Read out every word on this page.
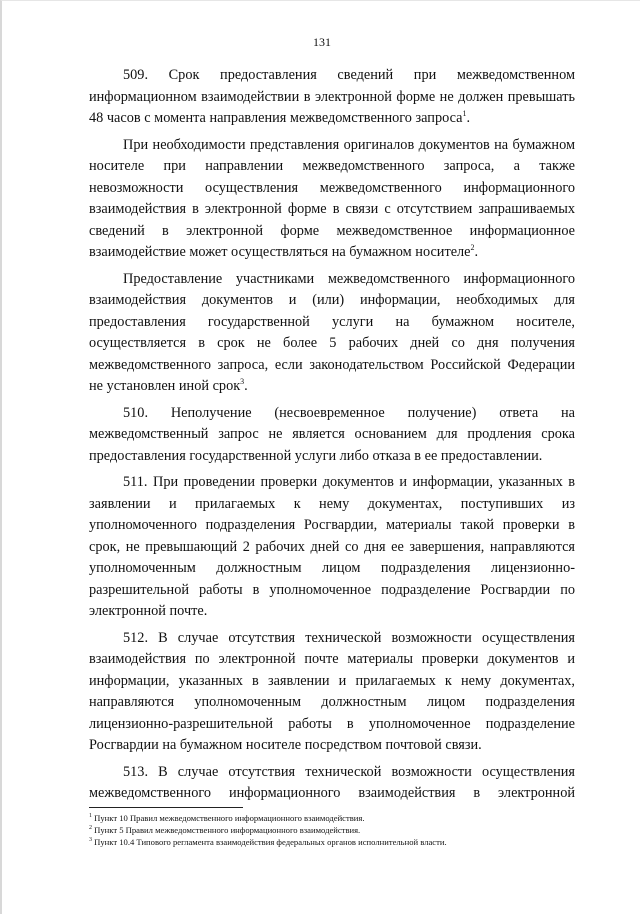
131

509. Срок предоставления сведений при межведомственном информационном взаимодействии в электронной форме не должен превышать 48 часов с момента направления межведомственного запроса$^1$.

При необходимости представления оригиналов документов на бумажном носителе при направлении межведомственного запроса, а также невозможности осуществления межведомственного информационного взаимодействия в электронной форме в связи с отсутствием запрашиваемых сведений в электронной форме межведомственное информационное взаимодействие может осуществляться на бумажном носителе$^2$.

Предоставление участниками межведомственного информационного взаимодействия документов и (или) информации, необходимых для предоставления государственной услуги на бумажном носителе, осуществляется в срок не более 5 рабочих дней со дня получения межведомственного запроса, если законодательством Российской Федерации не установлен иной срок$^3$.

510. Неполучение (несвоевременное получение) ответа на межведомственный запрос не является основанием для продления срока предоставления государственной услуги либо отказа в ее предоставлении.

511. При проведении проверки документов и информации, указанных в заявлении и прилагаемых к нему документах, поступивших из уполномоченного подразделения Росгвардии, материалы такой проверки в срок, не превышающий 2 рабочих дней со дня ее завершения, направляются уполномоченным должностным лицом подразделения лицензионно-разрешительной работы в уполномоченное подразделение Росгвардии по электронной почте.

512. В случае отсутствия технической возможности осуществления взаимодействия по электронной почте материалы проверки документов и информации, указанных в заявлении и прилагаемых к нему документах, направляются уполномоченным должностным лицом подразделения лицензионно-разрешительной работы в уполномоченное подразделение Росгвардии на бумажном носителе посредством почтовой связи.

513. В случае отсутствия технической возможности осуществления межведомственного информационного взаимодействия в электронной

$^1$ Пункт 10 Правил межведомственного информационного взаимодействия.

$^2$ Пункт 5 Правил межведомственного информационного взаимодействия.

$^3$ Пункт 10.4 Типового регламента взаимодействия федеральных органов исполнительной власти.
